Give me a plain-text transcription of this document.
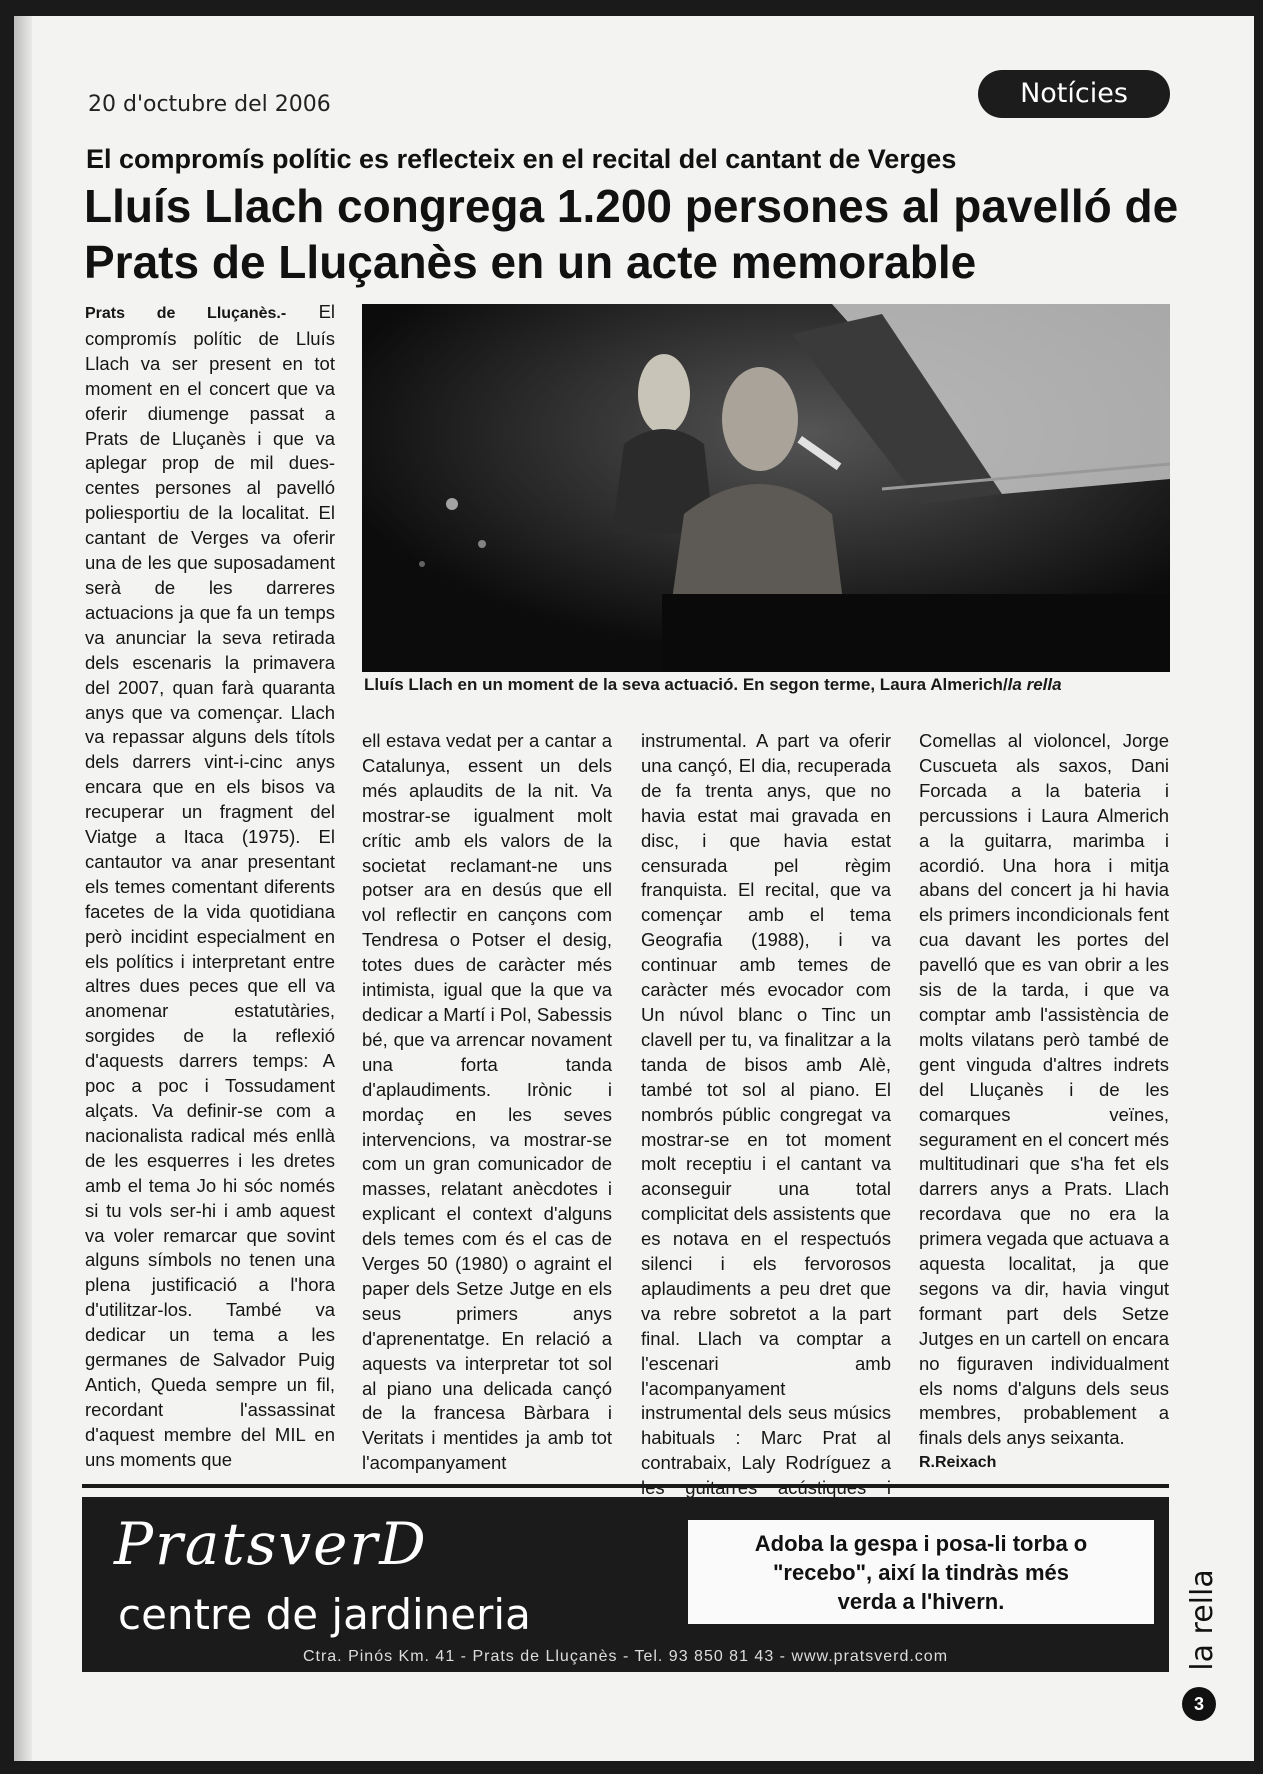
20 d'octubre del 2006	Notícies
El compromís polític es reflecteix en el recital del cantant de Verges
Lluís Llach congrega 1.200 persones al pavelló de Prats de Lluçanès en un acte memorable

Prats de Lluçanès.- El compromís polític de Lluís Llach va ser present en tot moment en el concert que va oferir diumenge passat a Prats de Lluçanès i que va aplegar prop de mil dues-centes persones al pavelló poliesportiu de la localitat. El cantant de Verges va oferir una de les que suposadament serà de les darreres actuacions ja que fa un temps va anunciar la seva retirada dels escenaris la primavera del 2007, quan farà quaranta anys que va començar. Llach va repassar alguns dels títols dels darrers vint-i-cinc anys encara que en els bisos va recuperar un fragment del Viatge a Itaca (1975). El cantautor va anar presentant els temes comentant diferents facetes de la vida quotidiana però incidint especialment en els polítics i interpretant entre altres dues peces que ell va anomenar estatutàries, sorgides de la reflexió d'aquests darrers temps: A poc a poc i Tossudament alçats. Va definir-se com a nacionalista radical més enllà de les esquerres i les dretes amb el tema Jo hi sóc només si tu vols ser-hi i amb aquest va voler remarcar que sovint alguns símbols no tenen una plena justificació a l'hora d'utilitzar-los. També va dedicar un tema a les germanes de Salvador Puig Antich, Queda sempre un fil, recordant l'assassinat d'aquest membre del MIL en uns moments que

Lluís Llach en un moment de la seva actuació. En segon terme, Laura Almerich/la rella

ell estava vedat per a cantar a Catalunya, essent un dels més aplaudits de la nit. Va mostrar-se igualment molt crític amb els valors de la societat reclamant-ne uns potser ara en desús que ell vol reflectir en cançons com Tendresa o Potser el desig, totes dues de caràcter més intimista, igual que la que va dedicar a Martí i Pol, Sabessis bé, que va arrencar novament una forta tanda d'aplaudiments. Irònic i mordaç en les seves intervencions, va mostrar-se com un gran comunicador de masses, relatant anècdotes i explicant el context d'alguns dels temes com és el cas de Verges 50 (1980) o agraint el paper dels Setze Jutge en els seus primers anys d'aprenentatge. En relació a aquests va interpretar tot sol al piano una delicada cançó de la francesa Bàrbara i Veritats i mentides ja amb tot l'acompanyament

instrumental. A part va oferir una cançó, El dia, recuperada de fa trenta anys, que no havia estat mai gravada en disc, i que havia estat censurada pel règim franquista. El recital, que va començar amb el tema Geografia (1988), i va continuar amb temes de caràcter més evocador com Un núvol blanc o Tinc un clavell per tu, va finalitzar a la tanda de bisos amb Alè, també tot sol al piano. El nombrós públic congregat va mostrar-se en tot moment molt receptiu i el cantant va aconseguir una total complicitat dels assistents que es notava en el respectuós silenci i els fervorosos aplaudiments a peu dret que va rebre sobretot a la part final. Llach va comptar a l'escenari amb l'acompanyament instrumental dels seus músics habituals : Marc Prat al contrabaix, Laly Rodríguez a

Comellas al violoncel, Jorge Cuscueta als saxos, Dani Forcada a la bateria i percussions i Laura Almerich a la guitarra, marimba i acordió. Una hora i mitja abans del concert ja hi havia els primers incondicionals fent cua davant les portes del pavelló que es van obrir a les sis de la tarda, i que va comptar amb l'assistència de molts vilatans però també de gent vinguda d'altres indrets del Lluçanès i de les comarques veïnes, segurament en el concert més multitudinari que s'ha fet els darrers anys a Prats. Llach recordava que no era la primera vegada que actuava a aquesta localitat, ja que segons va dir, havia vingut formant part dels Setze Jutges en un cartell on encara no figuraven individualment els noms d'alguns dels seus membres, probablement a finals dels anys seixanta.
R.Reixach

PratsverD
centre de jardineria
Adoba la gespa i posa-li torba o "recebo", així la tindràs més verda a l'hivern.
Ctra. Pinós Km. 41 - Prats de Lluçanès - Tel. 93 850 81 43 - www.pratsverd.com	la rella
3
